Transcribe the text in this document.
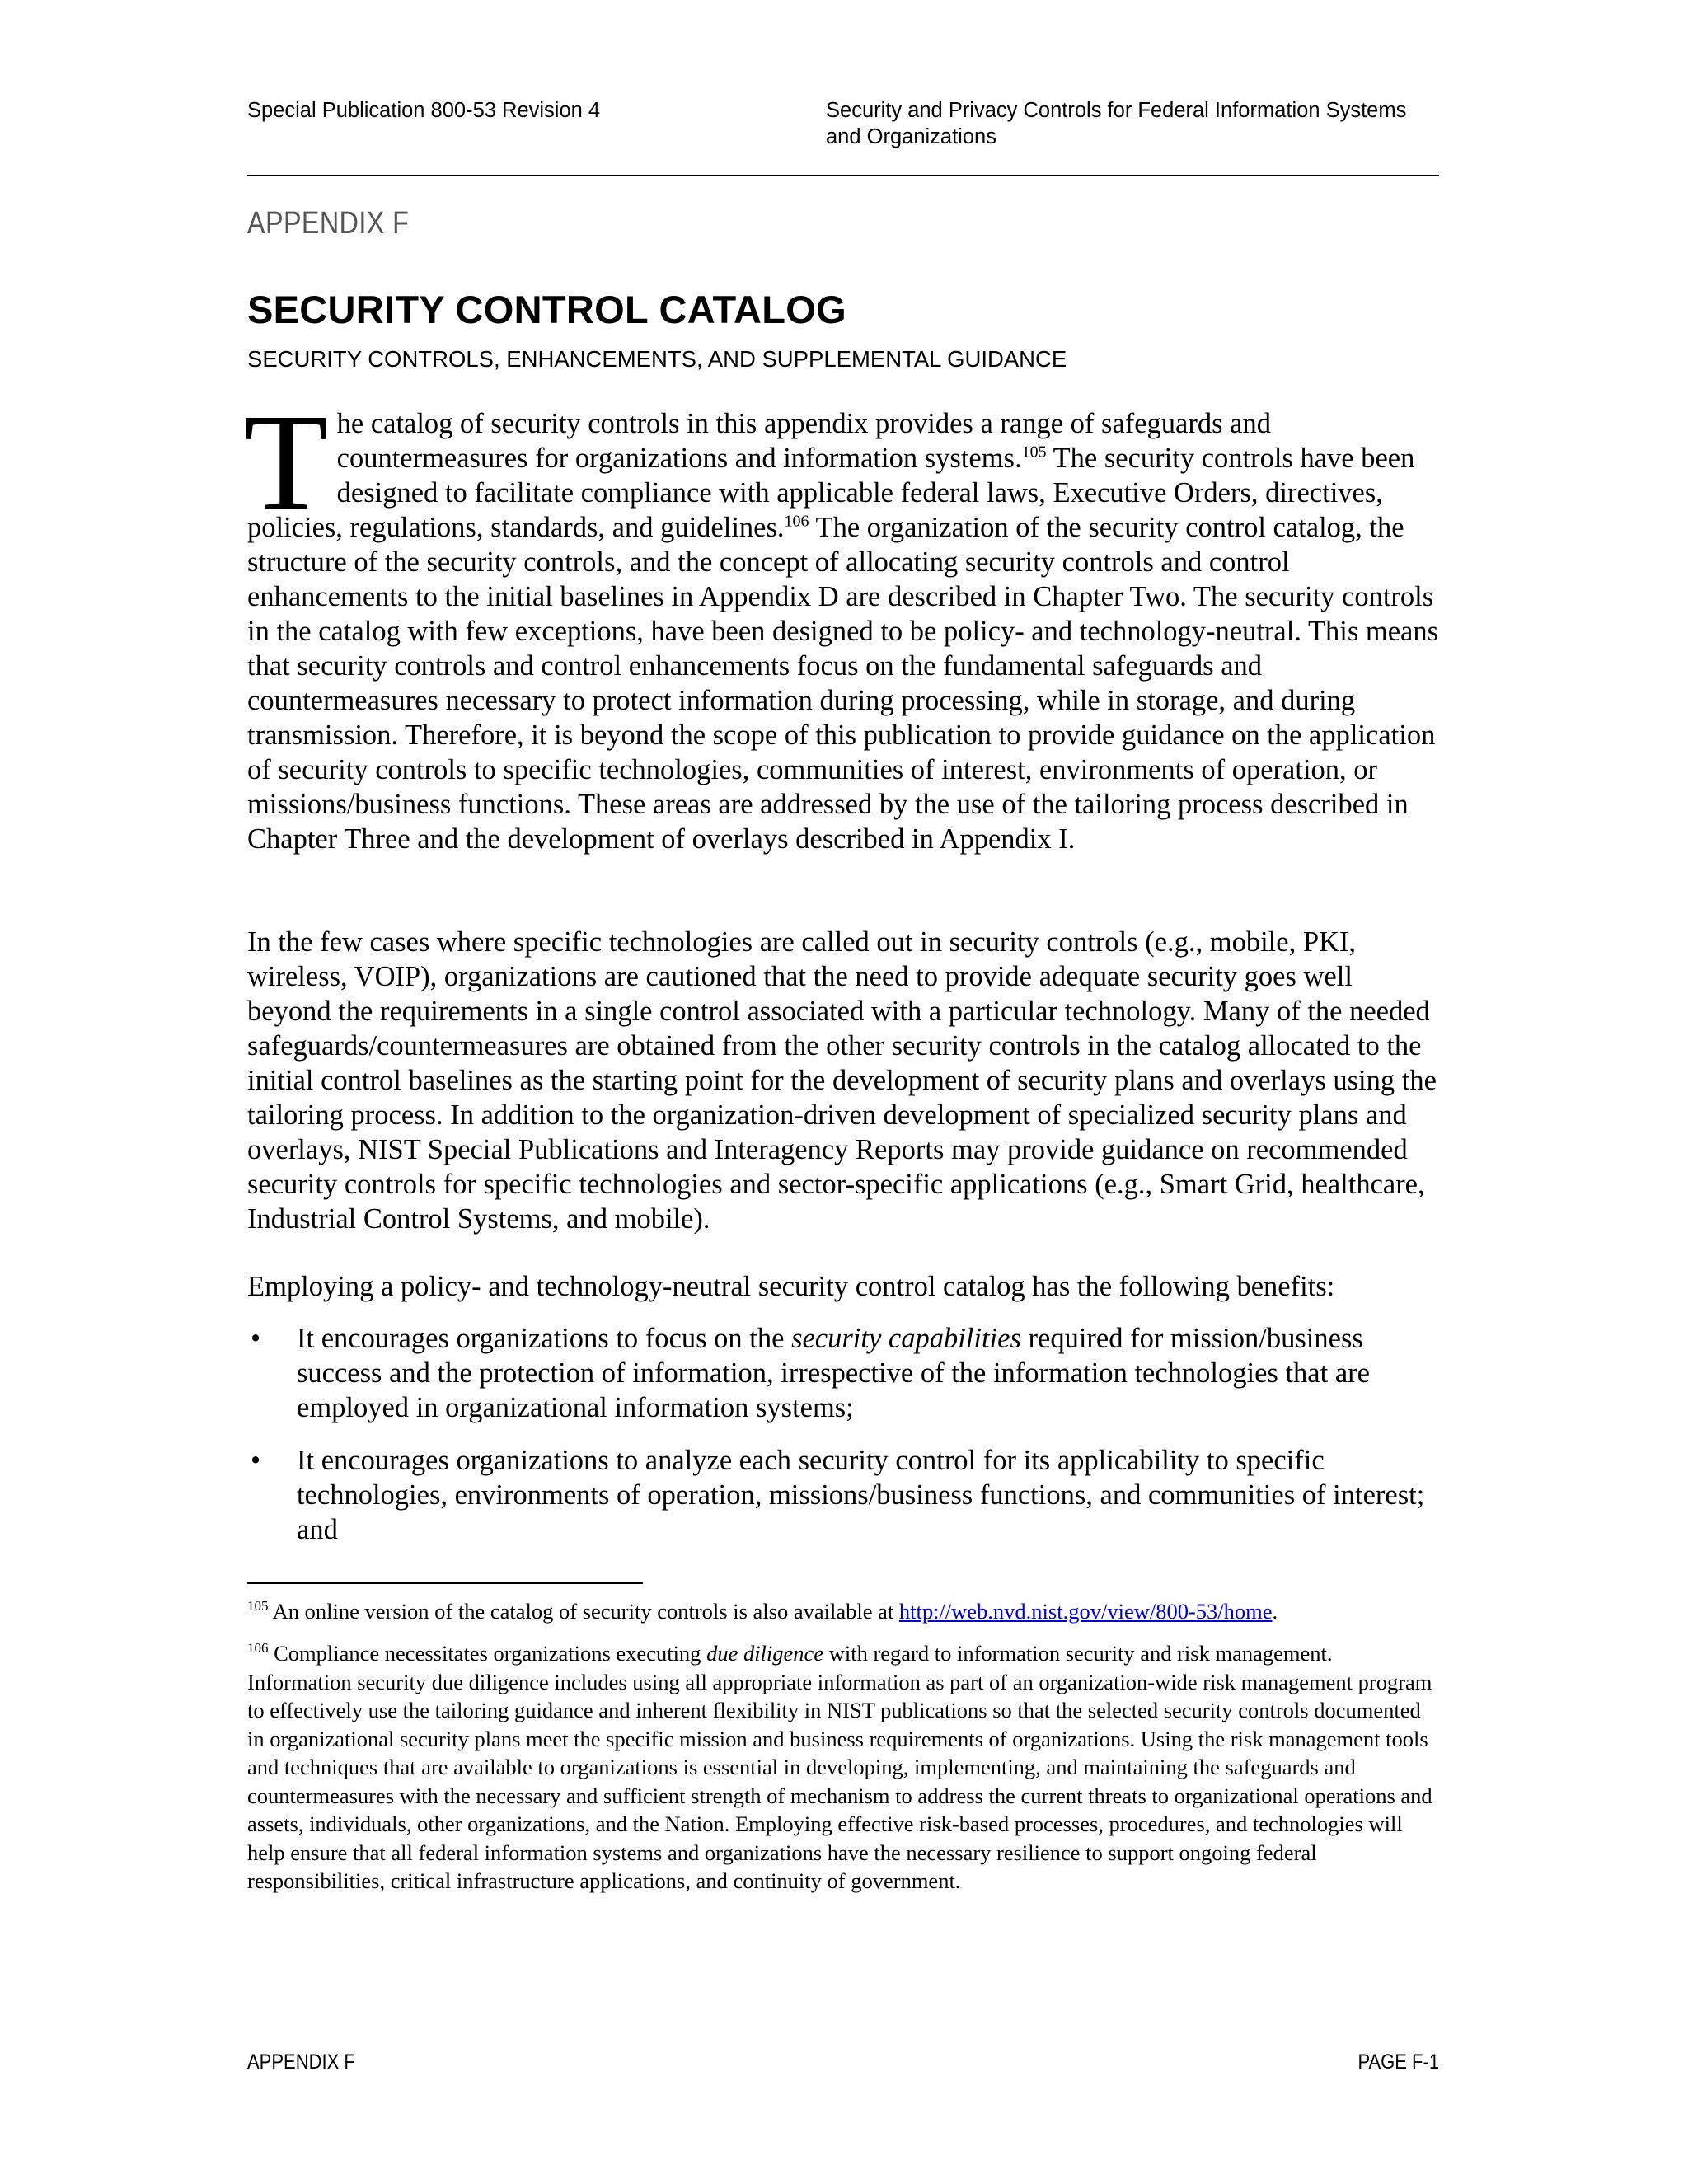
Special Publication 800-53 Revision 4	Security and Privacy Controls for Federal Information Systems
and Organizations
APPENDIX F
SECURITY CONTROL CATALOG
SECURITY CONTROLS, ENHANCEMENTS, AND SUPPLEMENTAL GUIDANCE
The catalog of security controls in this appendix provides a range of safeguards and countermeasures for organizations and information systems.$^{105}$ The security controls have been designed to facilitate compliance with applicable federal laws, Executive Orders, directives, policies, regulations, standards, and guidelines.$^{106}$ The organization of the security control catalog, the structure of the security controls, and the concept of allocating security controls and control enhancements to the initial baselines in Appendix D are described in Chapter Two. The security controls in the catalog with few exceptions, have been designed to be policy- and technology-neutral. This means that security controls and control enhancements focus on the fundamental safeguards and countermeasures necessary to protect information during processing, while in storage, and during transmission. Therefore, it is beyond the scope of this publication to provide guidance on the application of security controls to specific technologies, communities of interest, environments of operation, or missions/business functions. These areas are addressed by the use of the tailoring process described in Chapter Three and the development of overlays described in Appendix I.
In the few cases where specific technologies are called out in security controls (e.g., mobile, PKI, wireless, VOIP), organizations are cautioned that the need to provide adequate security goes well beyond the requirements in a single control associated with a particular technology. Many of the needed safeguards/countermeasures are obtained from the other security controls in the catalog allocated to the initial control baselines as the starting point for the development of security plans and overlays using the tailoring process. In addition to the organization-driven development of specialized security plans and overlays, NIST Special Publications and Interagency Reports may provide guidance on recommended security controls for specific technologies and sector-specific applications (e.g., Smart Grid, healthcare, Industrial Control Systems, and mobile).
Employing a policy- and technology-neutral security control catalog has the following benefits:
• It encourages organizations to focus on the security capabilities required for mission/business success and the protection of information, irrespective of the information technologies that are employed in organizational information systems;
• It encourages organizations to analyze each security control for its applicability to specific technologies, environments of operation, missions/business functions, and communities of interest; and
$^{105}$ An online version of the catalog of security controls is also available at http://web.nvd.nist.gov/view/800-53/home.
$^{106}$ Compliance necessitates organizations executing due diligence with regard to information security and risk management. Information security due diligence includes using all appropriate information as part of an organization-wide risk management program to effectively use the tailoring guidance and inherent flexibility in NIST publications so that the selected security controls documented in organizational security plans meet the specific mission and business requirements of organizations. Using the risk management tools and techniques that are available to organizations is essential in developing, implementing, and maintaining the safeguards and countermeasures with the necessary and sufficient strength of mechanism to address the current threats to organizational operations and assets, individuals, other organizations, and the Nation. Employing effective risk-based processes, procedures, and technologies will help ensure that all federal information systems and organizations have the necessary resilience to support ongoing federal responsibilities, critical infrastructure applications, and continuity of government.
APPENDIX F	PAGE F-1
